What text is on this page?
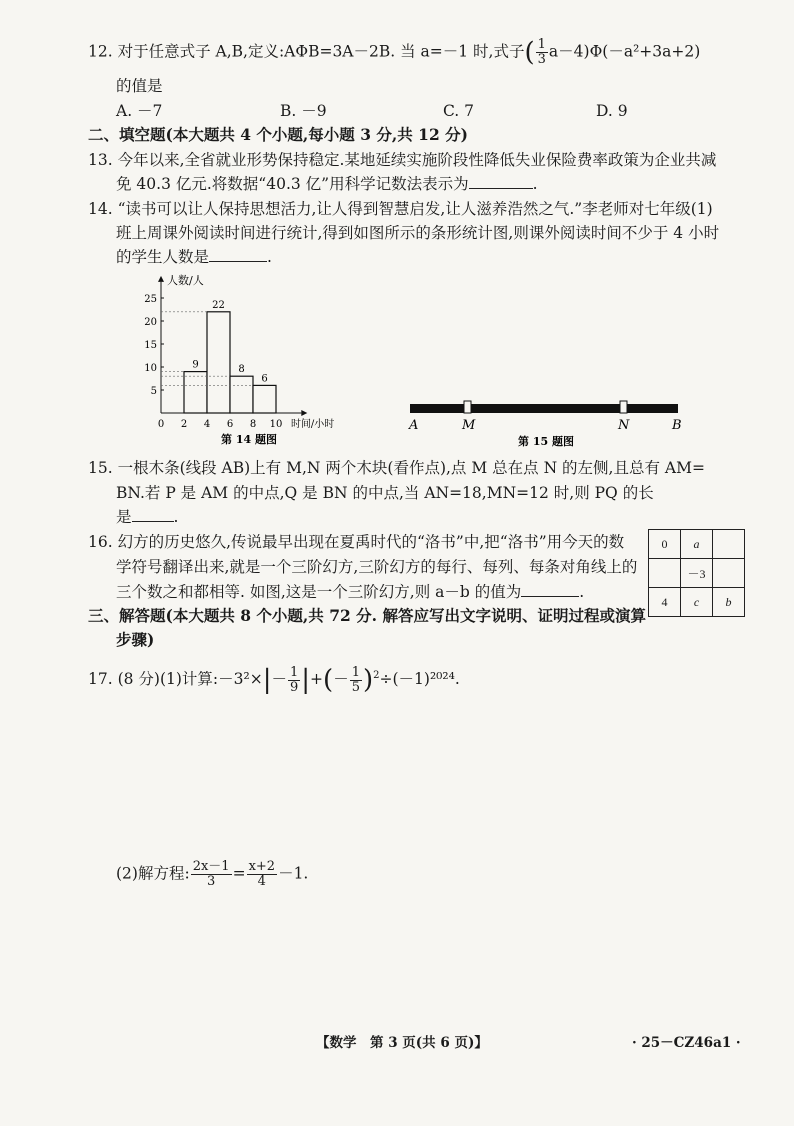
12. 对于任意式子 A,B,定义:AΦB=3A－2B. 当 a=－1 时,式子( $\frac{1}{3} a-4)\Phi(-a^2+3a+2)$
的值是
A. －7	B. －9	C. 7	D. 9
二、填空题(本大题共 4 个小题,每小题 3 分,共 12 分)
13. 今年以来,全省就业形势保持稳定.某地延续实施阶段性降低失业保险费率政策为企业共减
免 40.3 亿元.将数据“40.3 亿”用科学记数法表示为	.
14. “读书可以让人保持思想活力,让人得到智慧启发,让人滋养浩然之气.”李老师对七年级(1)
班上周课外阅读时间进行统计,得到如图所示的条形统计图,则课外阅读时间不少于 4 小时
的学生人数是	.
5
10
15
20
25
0 2 4 6 8 10
9
22
8
6
人数/人
时间/小时
第 14 题图
A	M	N	B
第 15 题图
15. 一根木条(线段 AB)上有 M,N 两个木块(看作点),点 M 总在点 N 的左侧,且总有 AM=
BN.若 P 是 AM 的中点,Q 是 BN 的中点,当 AN=18,MN=12 时,则 PQ 的长
是	.
16. 幻方的历史悠久,传说最早出现在夏禹时代的“洛书”中,把“洛书”用今天的数
学符号翻译出来,就是一个三阶幻方,三阶幻方的每行、每列、每条对角线上的
三个数之和都相等. 如图,这是一个三阶幻方,则 a－b 的值为	.
0	a	
	－3	
4	c	b
三、解答题(本大题共 8 个小题,共 72 分. 解答应写出文字说明、证明过程或演算
步骤)
17. (8 分)(1)计算:－3²×|－ $\frac{1}{9}$ |+(－ $\frac{1}{5} )^2\div(-1)^{2024}$.
(2)解方程: $\frac{2x-1}{3} = \frac{x+2}{4} -1$.
【数学　第 3 页(共 6 页)】	· 25－CZ46a1 ·
